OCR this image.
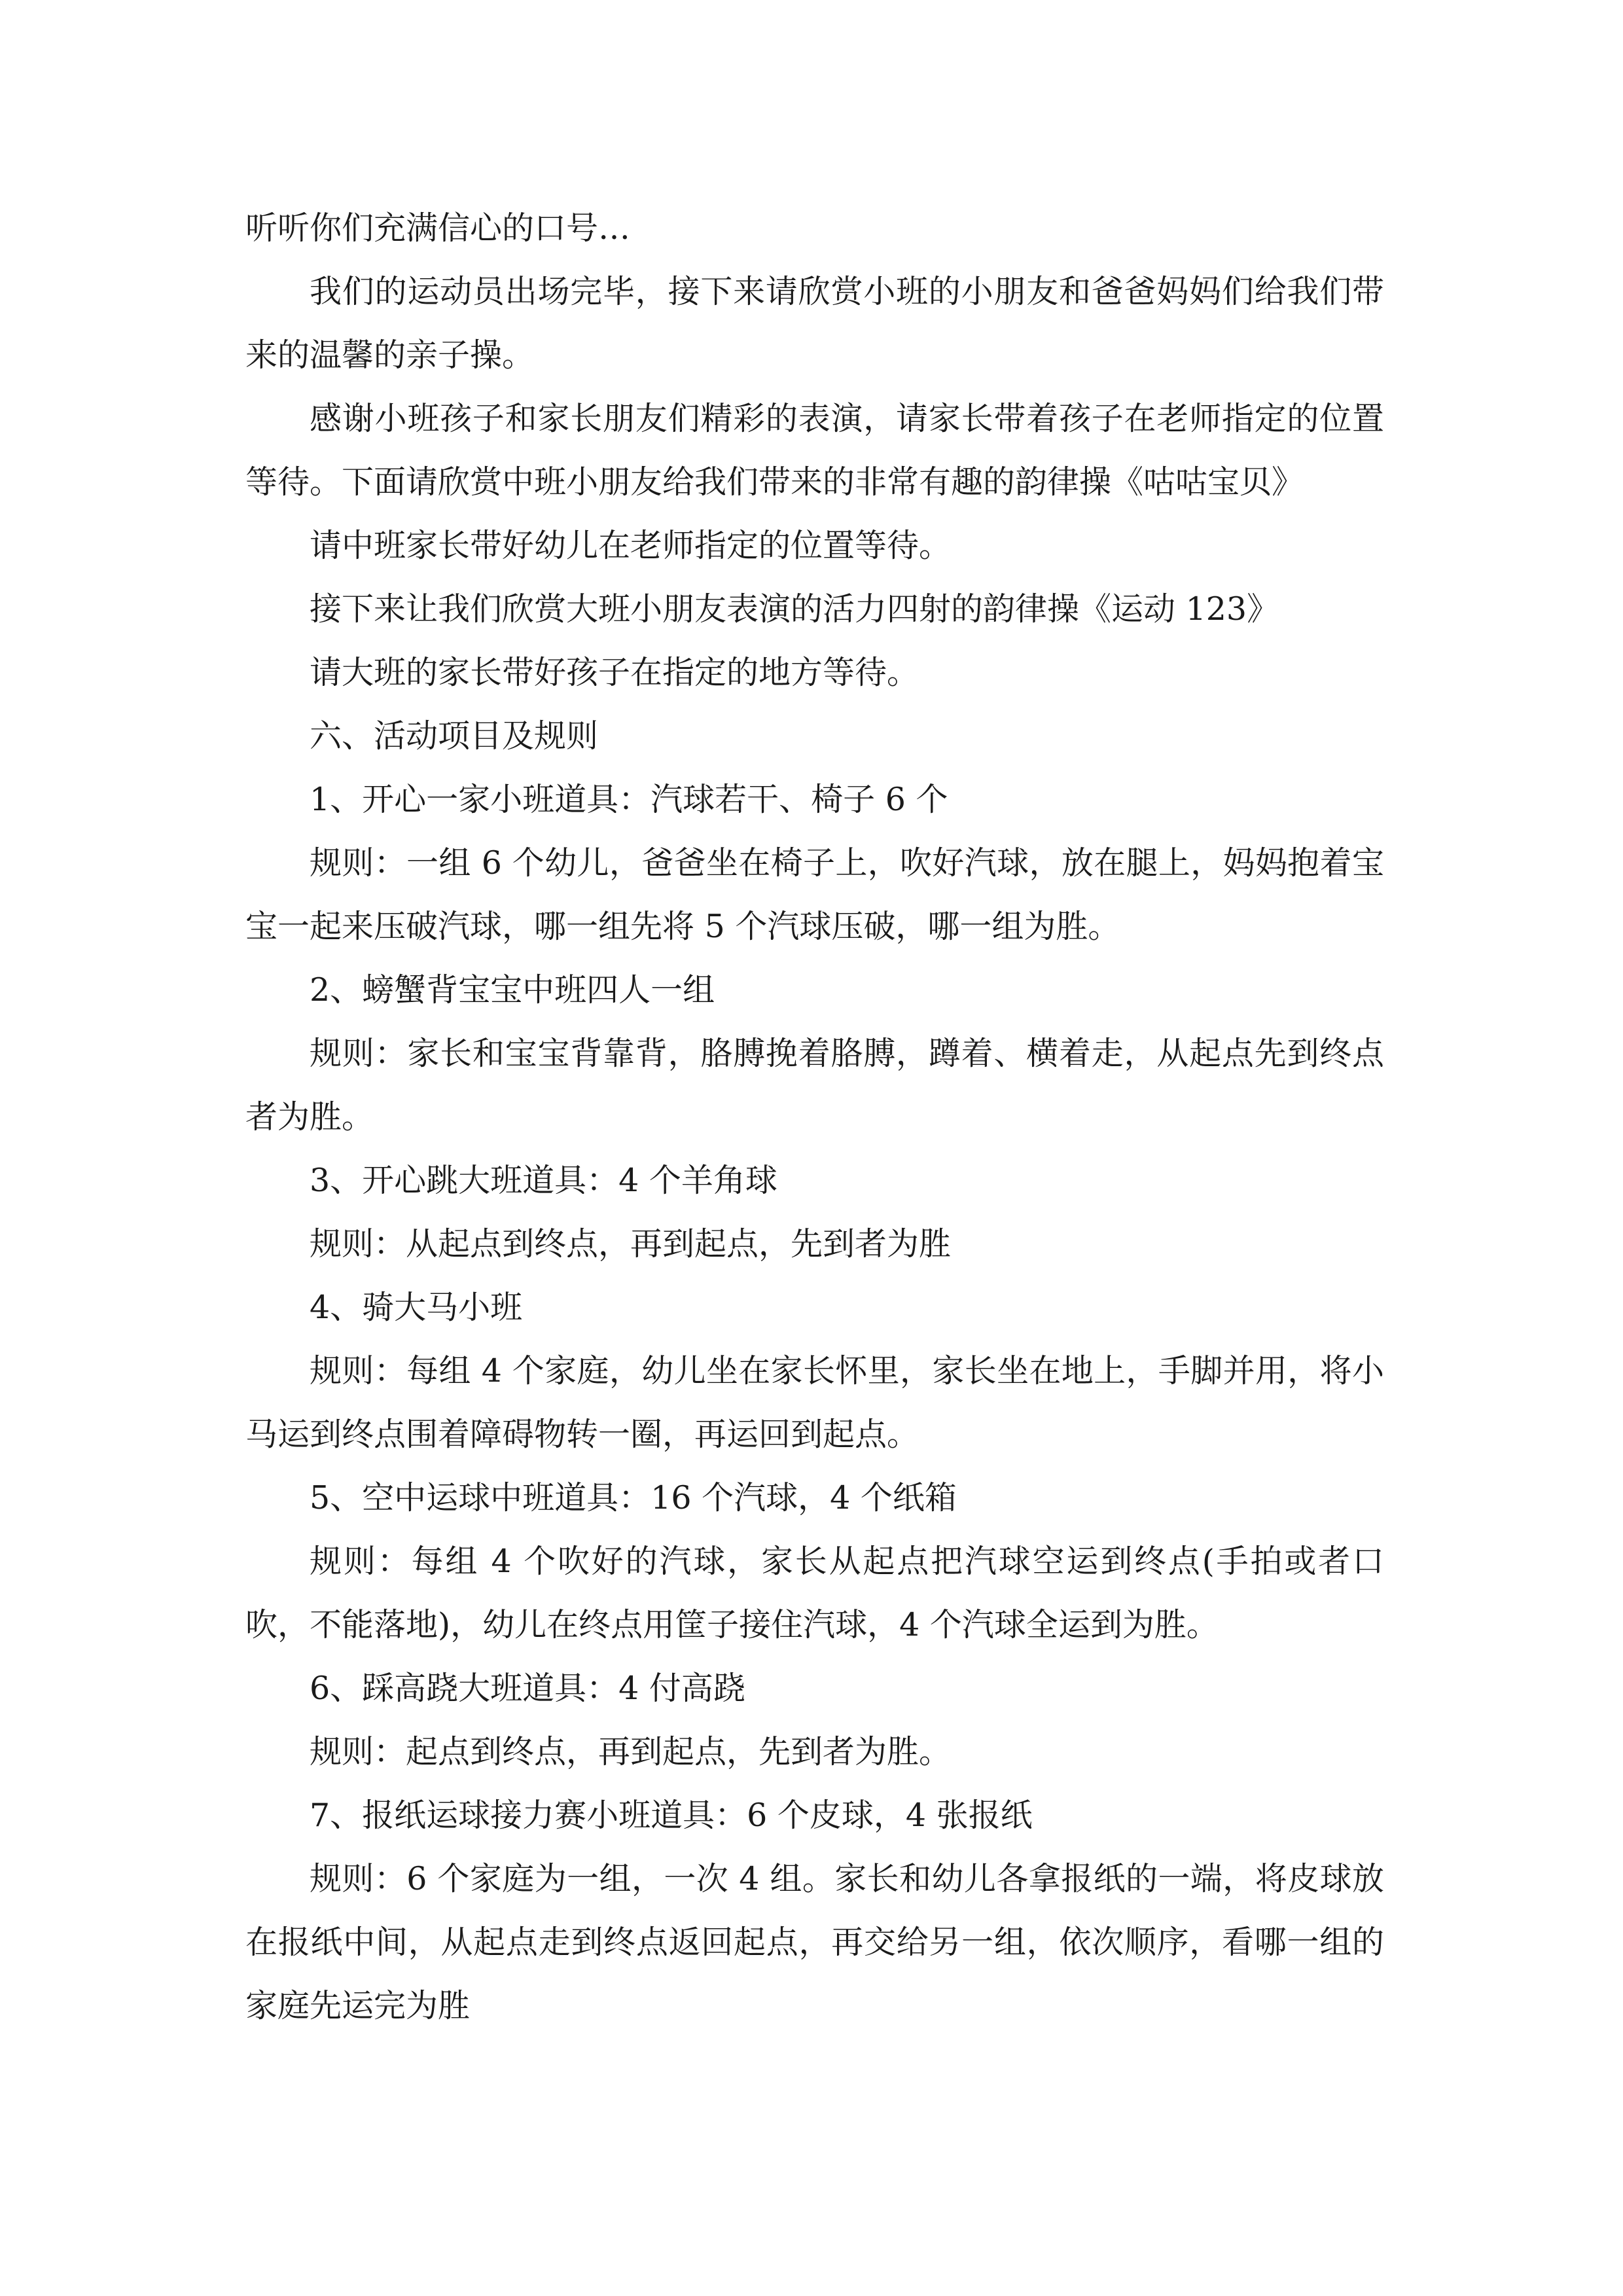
听听你们充满信心的口号…

我们的运动员出场完毕，接下来请欣赏小班的小朋友和爸爸妈妈们给我们带来的温馨的亲子操。

感谢小班孩子和家长朋友们精彩的表演，请家长带着孩子在老师指定的位置等待。下面请欣赏中班小朋友给我们带来的非常有趣的韵律操《咕咕宝贝》

请中班家长带好幼儿在老师指定的位置等待。

接下来让我们欣赏大班小朋友表演的活力四射的韵律操《运动 123》

请大班的家长带好孩子在指定的地方等待。

六、活动项目及规则

1、开心一家小班道具：汽球若干、椅子 6 个

规则：一组 6 个幼儿，爸爸坐在椅子上，吹好汽球，放在腿上，妈妈抱着宝宝一起来压破汽球，哪一组先将 5 个汽球压破，哪一组为胜。

2、螃蟹背宝宝中班四人一组

规则：家长和宝宝背靠背，胳膊挽着胳膊，蹲着、横着走，从起点先到终点者为胜。

3、开心跳大班道具：4 个羊角球

规则：从起点到终点，再到起点，先到者为胜

4、骑大马小班

规则：每组 4 个家庭，幼儿坐在家长怀里，家长坐在地上，手脚并用，将小马运到终点围着障碍物转一圈，再运回到起点。

5、空中运球中班道具：16 个汽球，4 个纸箱

规则：每组 4 个吹好的汽球，家长从起点把汽球空运到终点(手拍或者口吹，不能落地)，幼儿在终点用筐子接住汽球，4 个汽球全运到为胜。

6、踩高跷大班道具：4 付高跷

规则：起点到终点，再到起点，先到者为胜。

7、报纸运球接力赛小班道具：6 个皮球，4 张报纸

规则：6 个家庭为一组，一次 4 组。家长和幼儿各拿报纸的一端，将皮球放在报纸中间，从起点走到终点返回起点，再交给另一组，依次顺序，看哪一组的家庭先运完为胜
